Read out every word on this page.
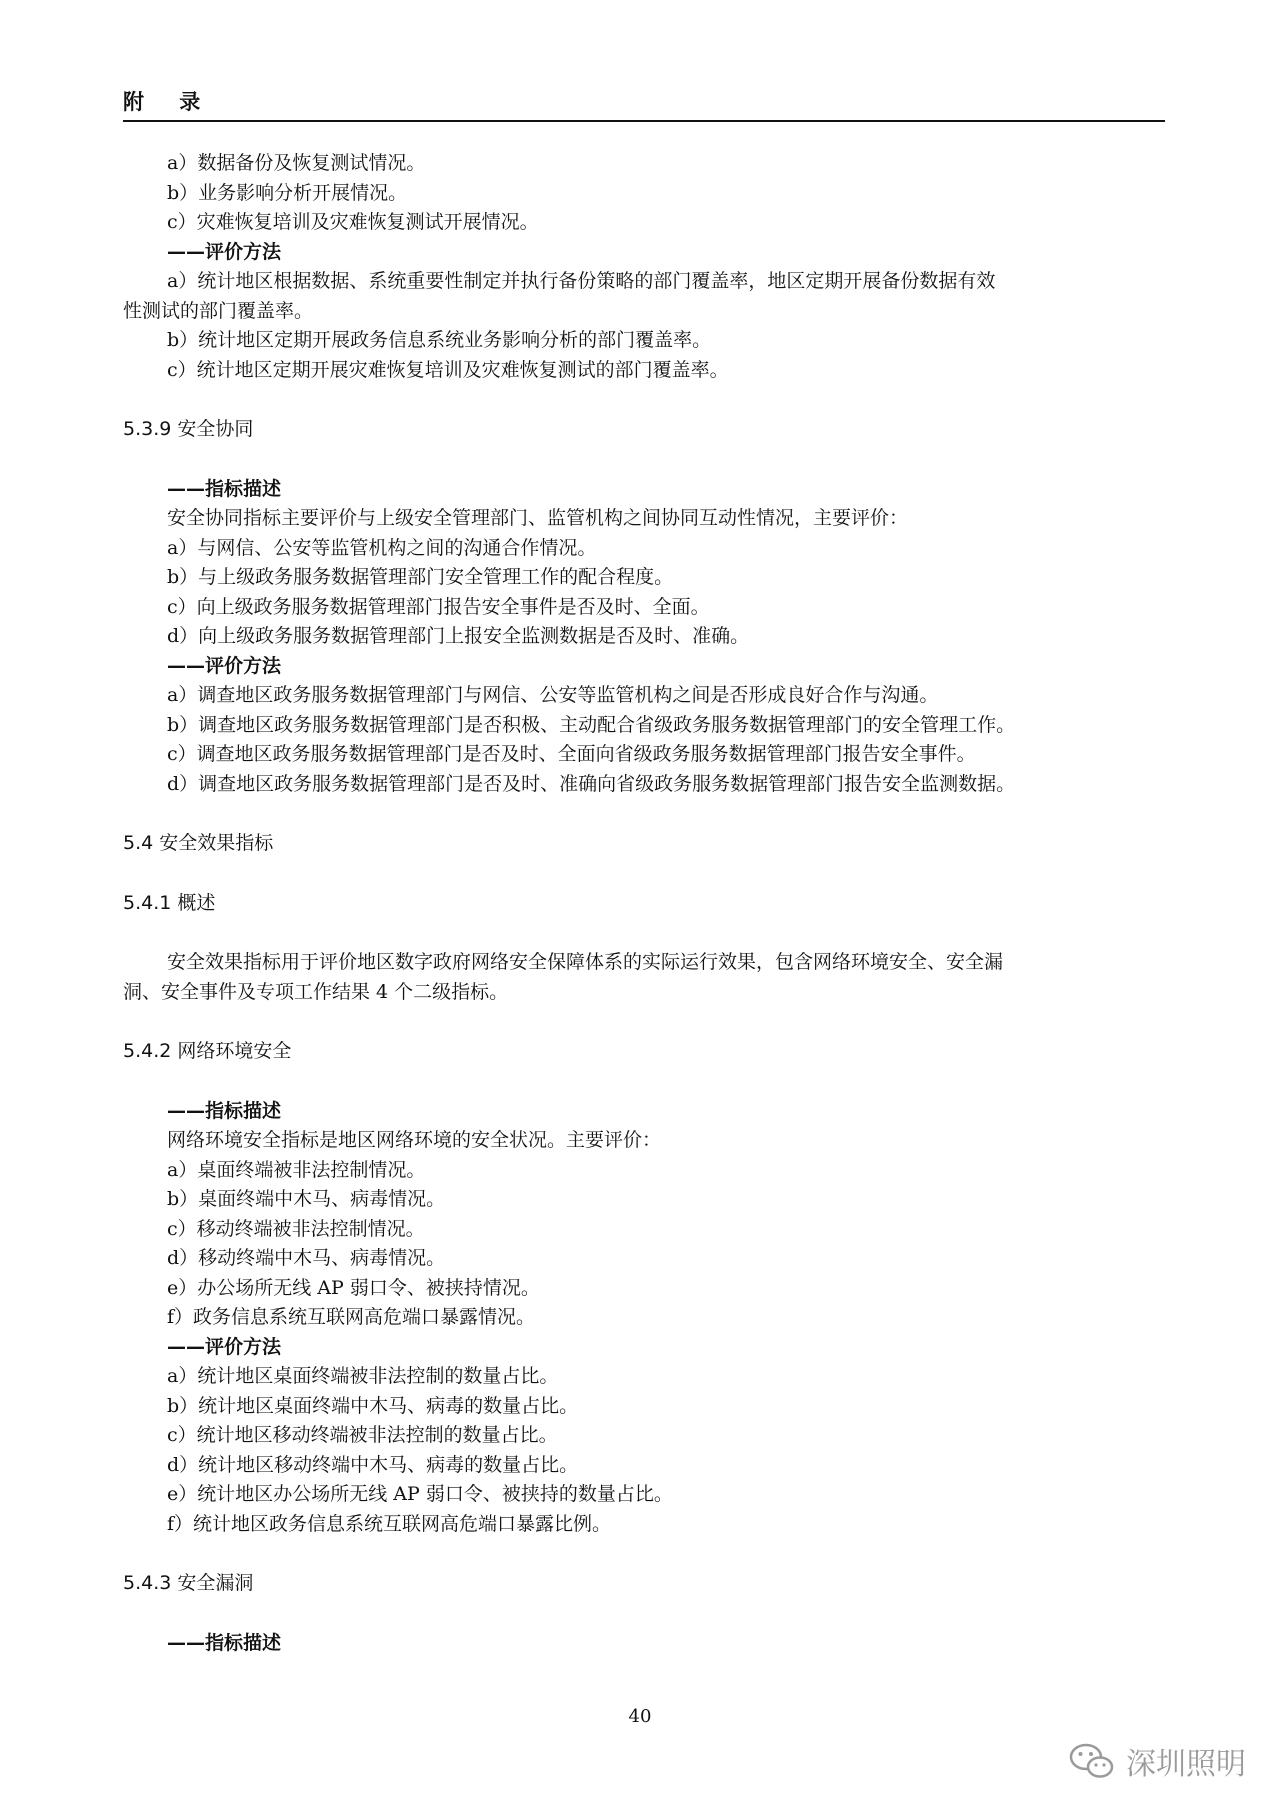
附 录
a）数据备份及恢复测试情况。
b）业务影响分析开展情况。
c）灾难恢复培训及灾难恢复测试开展情况。
——评价方法
a）统计地区根据数据、系统重要性制定并执行备份策略的部门覆盖率，地区定期开展备份数据有效
性测试的部门覆盖率。
b）统计地区定期开展政务信息系统业务影响分析的部门覆盖率。
c）统计地区定期开展灾难恢复培训及灾难恢复测试的部门覆盖率。
5.3.9 安全协同
——指标描述
安全协同指标主要评价与上级安全管理部门、监管机构之间协同互动性情况，主要评价：
a）与网信、公安等监管机构之间的沟通合作情况。
b）与上级政务服务数据管理部门安全管理工作的配合程度。
c）向上级政务服务数据管理部门报告安全事件是否及时、全面。
d）向上级政务服务数据管理部门上报安全监测数据是否及时、准确。
——评价方法
a）调查地区政务服务数据管理部门与网信、公安等监管机构之间是否形成良好合作与沟通。
b）调查地区政务服务数据管理部门是否积极、主动配合省级政务服务数据管理部门的安全管理工作。
c）调查地区政务服务数据管理部门是否及时、全面向省级政务服务数据管理部门报告安全事件。
d）调查地区政务服务数据管理部门是否及时、准确向省级政务服务数据管理部门报告安全监测数据。
5.4 安全效果指标
5.4.1 概述
安全效果指标用于评价地区数字政府网络安全保障体系的实际运行效果，包含网络环境安全、安全漏
洞、安全事件及专项工作结果 4 个二级指标。
5.4.2 网络环境安全
——指标描述
网络环境安全指标是地区网络环境的安全状况。主要评价：
a）桌面终端被非法控制情况。
b）桌面终端中木马、病毒情况。
c）移动终端被非法控制情况。
d）移动终端中木马、病毒情况。
e）办公场所无线 AP 弱口令、被挟持情况。
f）政务信息系统互联网高危端口暴露情况。
——评价方法
a）统计地区桌面终端被非法控制的数量占比。
b）统计地区桌面终端中木马、病毒的数量占比。
c）统计地区移动终端被非法控制的数量占比。
d）统计地区移动终端中木马、病毒的数量占比。
e）统计地区办公场所无线 AP 弱口令、被挟持的数量占比。
f）统计地区政务信息系统互联网高危端口暴露比例。
5.4.3 安全漏洞
——指标描述
40
深圳照明
